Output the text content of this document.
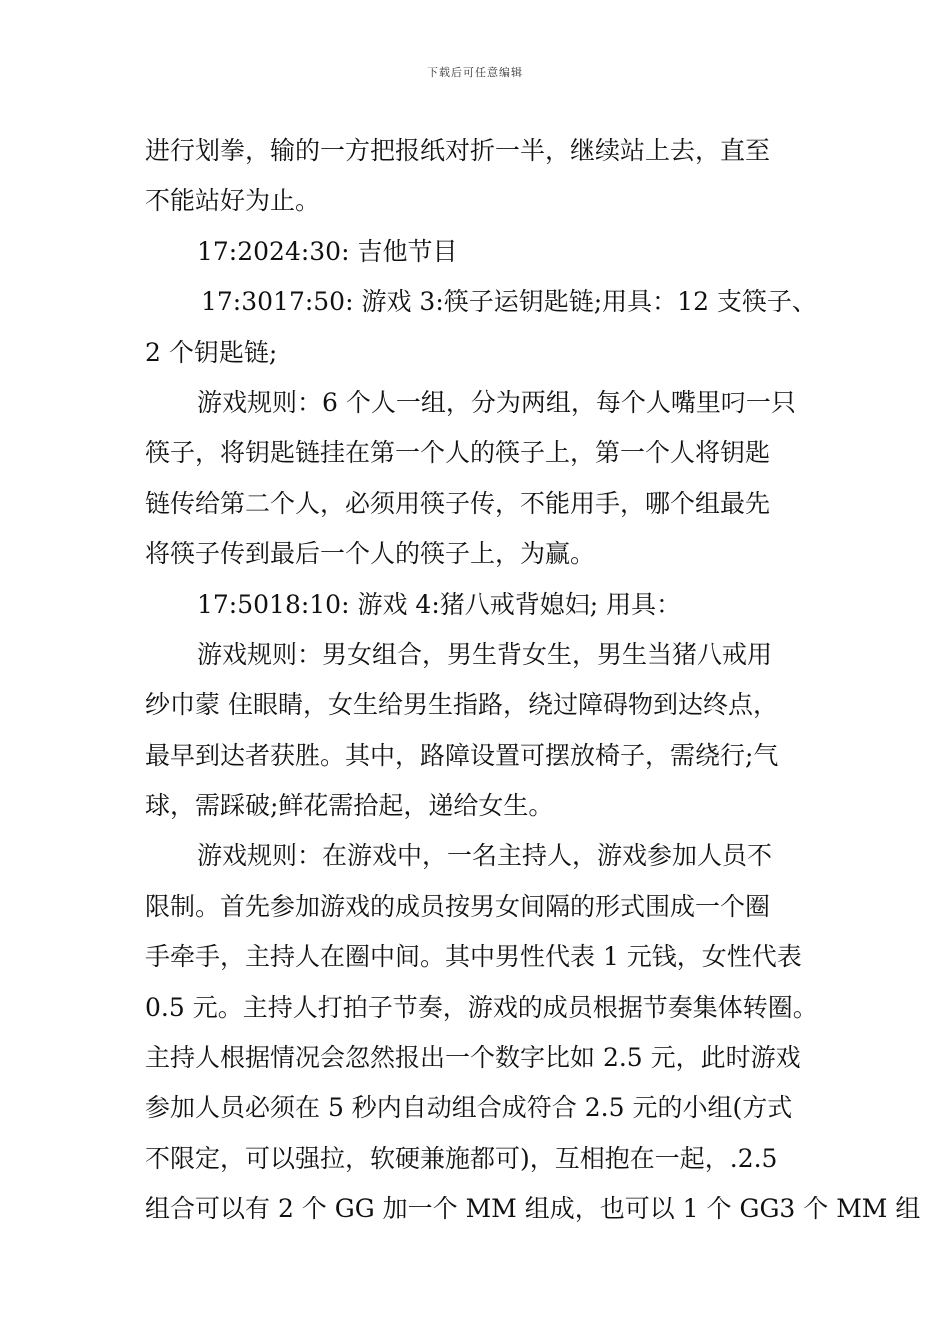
下载后可任意编辑
进行划拳，输的一方把报纸对折一半，继续站上去，直至
不能站好为止。
17:2024:30: 吉他节目
17:3017:50: 游戏 3:筷子运钥匙链;用具：12 支筷子、
2 个钥匙链;
游戏规则：6 个人一组，分为两组，每个人嘴里叼一只
筷子，将钥匙链挂在第一个人的筷子上，第一个人将钥匙
链传给第二个人，必须用筷子传，不能用手，哪个组最先
将筷子传到最后一个人的筷子上，为赢。
17:5018:10: 游戏 4:猪八戒背媳妇; 用具：
游戏规则：男女组合，男生背女生，男生当猪八戒用
纱巾蒙 住眼睛，女生给男生指路，绕过障碍物到达终点，
最早到达者获胜。其中，路障设置可摆放椅子，需绕行;气
球，需踩破;鲜花需拾起，递给女生。
游戏规则：在游戏中，一名主持人，游戏参加人员不
限制。首先参加游戏的成员按男女间隔的形式围成一个圈
手牵手，主持人在圈中间。其中男性代表 1 元钱，女性代表
0.5 元。主持人打拍子节奏，游戏的成员根据节奏集体转圈。
主持人根据情况会忽然报出一个数字比如 2.5 元，此时游戏
参加人员必须在 5 秒内自动组合成符合 2.5 元的小组(方式
不限定，可以强拉，软硬兼施都可)，互相抱在一起，.2.5
组合可以有 2 个 GG 加一个 MM 组成，也可以 1 个 GG3 个 MM 组
